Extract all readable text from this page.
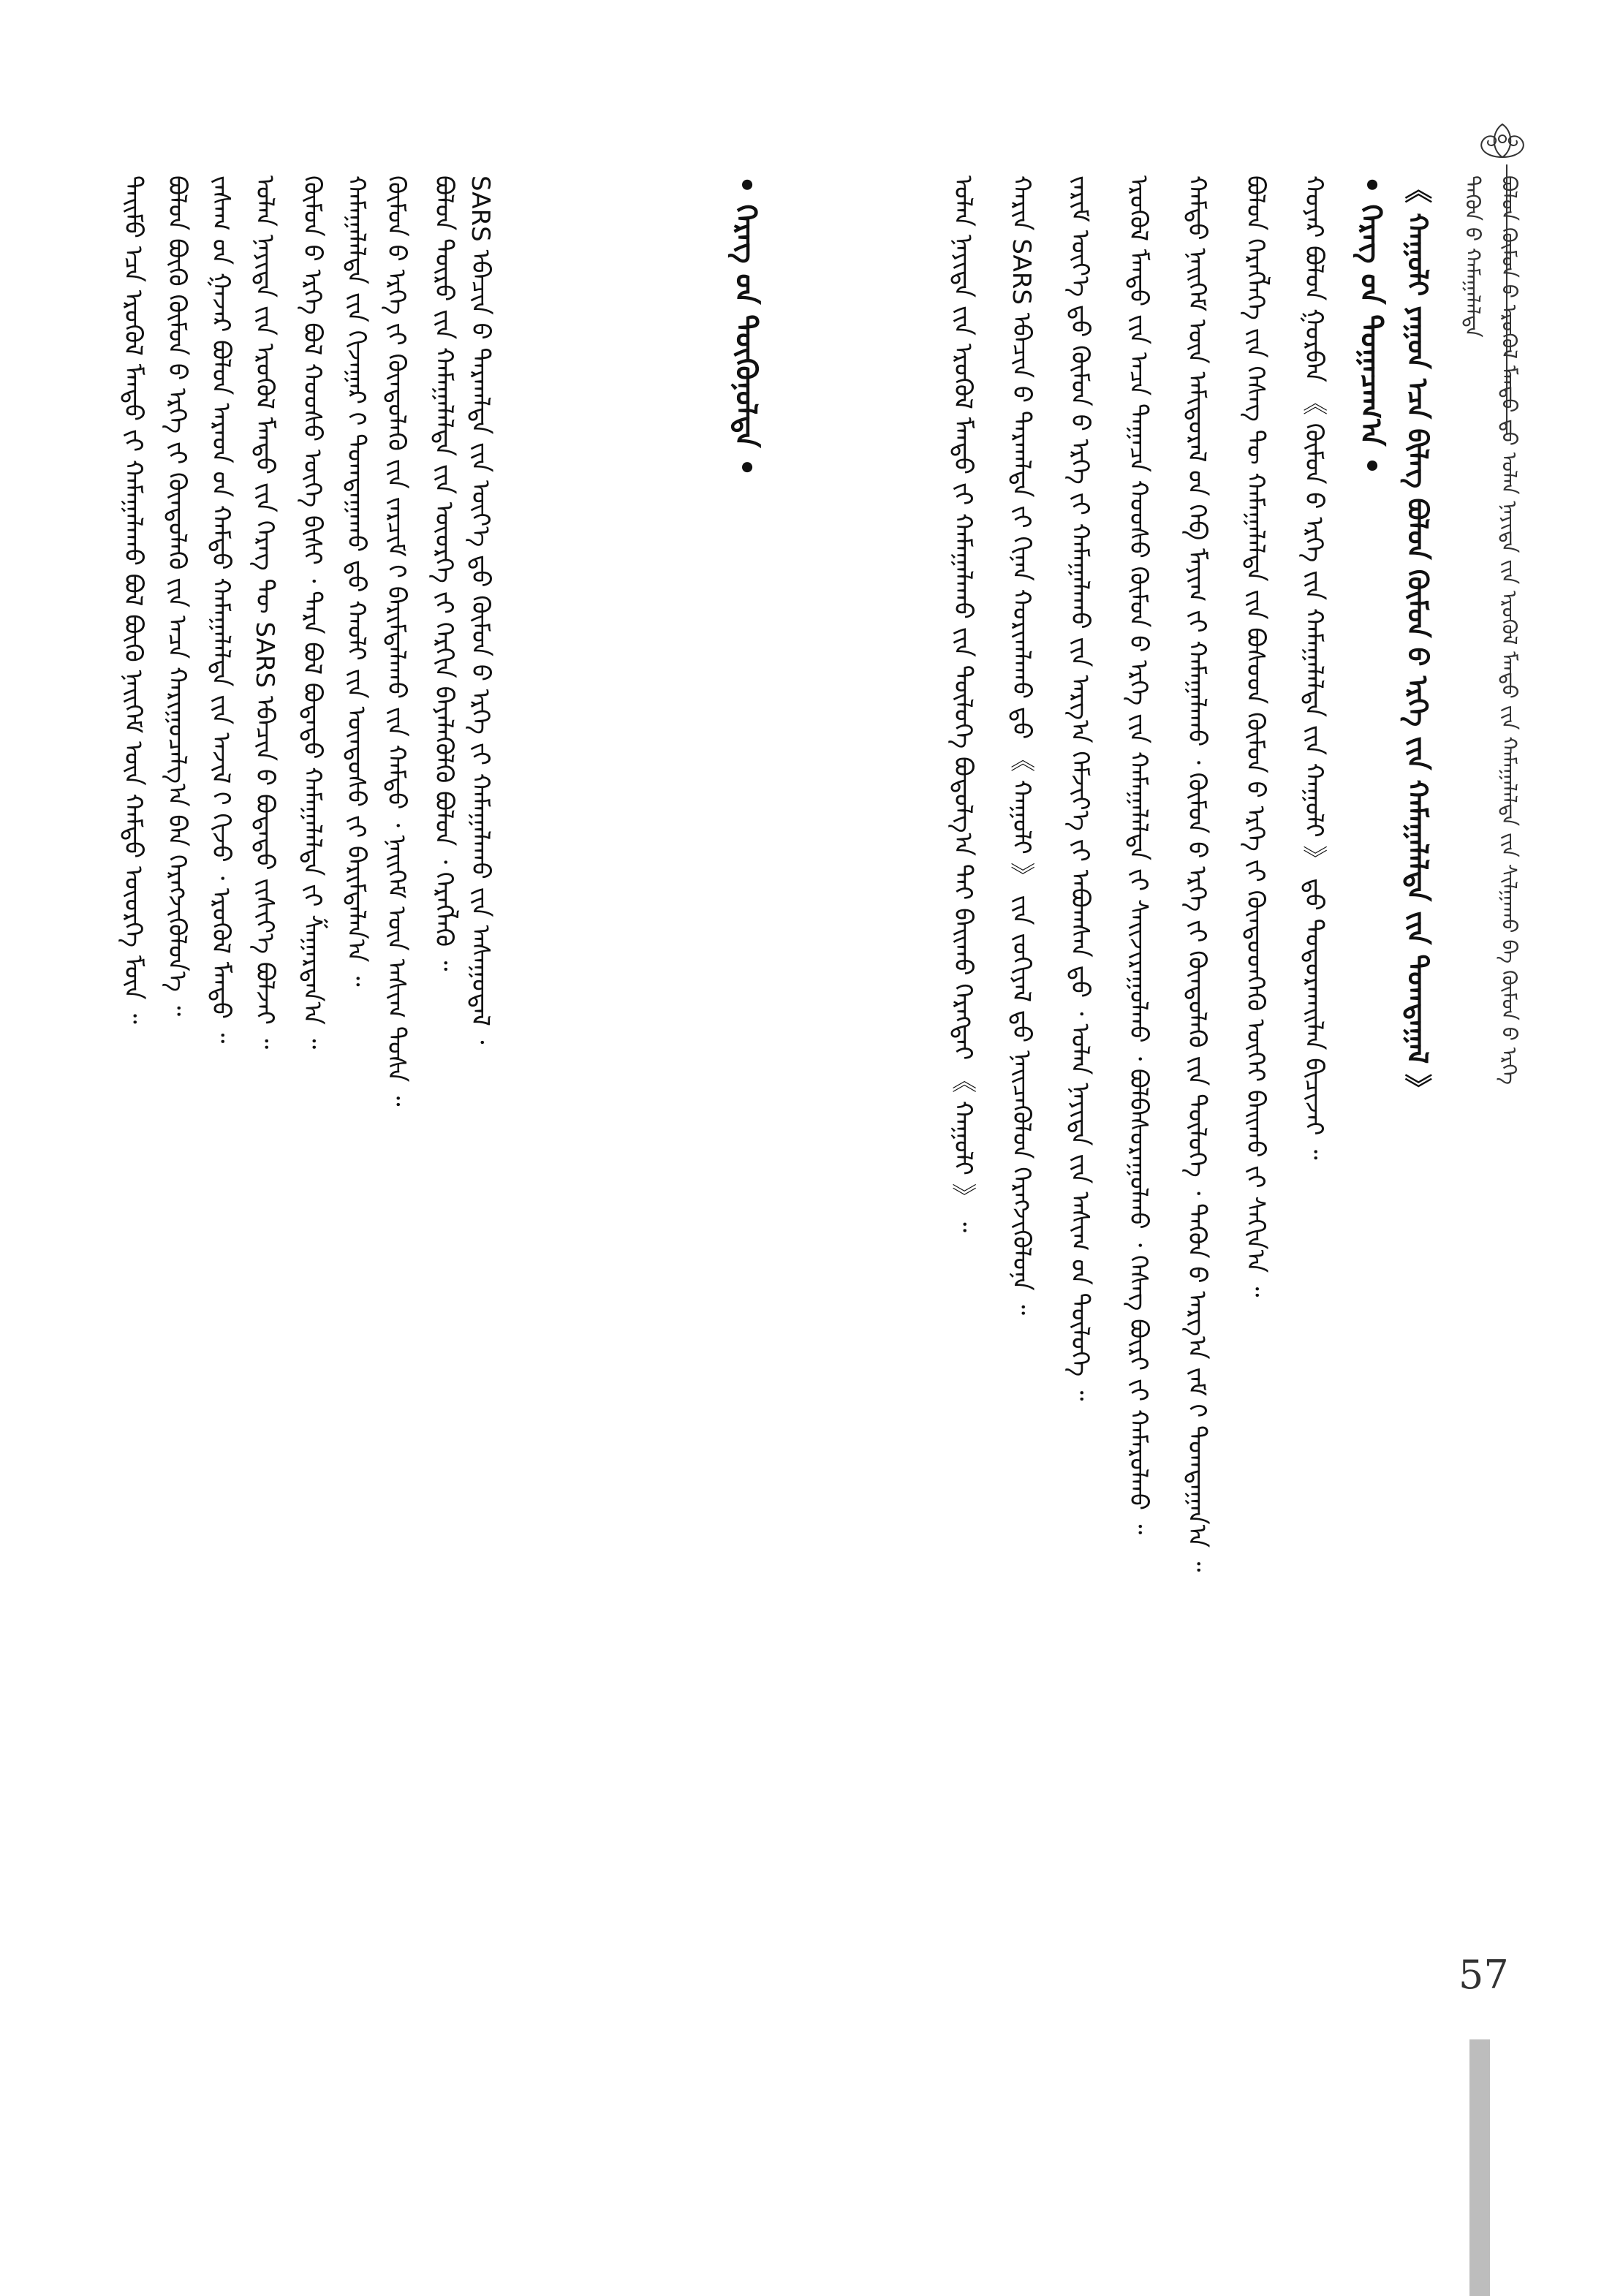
ᠪᠣᠯᠣᠨ ᠬᠦᠮᠦᠨ ᠤ᠋ ᠡᠷᠦᠬᠦᠯ ᠮᠡᠨᠳᠦ ᠳ᠋ᠤ᠌ ᠣᠯᠠᠨ ᠨᠡᠶᠢᠲᠡ ᠶ᠋ᠢᠨ ᠡᠷᠦᠬᠦᠯ ᠮᠡᠨᠳᠦ ᠶ᠋ᠢᠨ ᠬᠠᠮᠠᠭᠠᠯᠠᠯᠲᠠ ᠶ᠋ᠢᠨ ᠰᠢᠯᠭᠠᠬᠤ ᠪᠠ ᠬᠦᠮᠦᠨ ᠤ᠋ ᠡᠷᠬᠡ
ᠲᠡᠭᠦᠨ ᠦ᠌ ᠬᠠᠮᠠᠭᠠᠯᠠᠯᠲᠠ
《 ᠬᠠᠭᠤᠯᠢ ᠶᠠᠭᠤᠨ ᠡᠴᠡ ᠪᠢᠯᠡᠭ ᠪᠣᠯᠣᠨ ᠬᠦᠮᠦᠨ ᠤ᠋ ᠡᠷᠬᠡ ᠶ᠋ᠢᠨ ᠬᠠᠮᠠᠭᠠᠯᠠᠯᠲᠠ ᠶ᠋ᠢᠨ ᠲᠣᠭᠲᠠᠭᠠᠯ 》
• ᠬᠡᠷᠡᠭ ᠤ᠋ᠨ ᠲᠣᠭᠠᠴᠠᠭ᠎ᠠ •
ᠬᠣᠶᠠᠷ ᠪᠣᠯᠣᠨ ᠭᠤᠷᠪᠠᠨ 《 ᠬᠦᠮᠦᠨ ᠤ᠋ ᠡᠷᠬᠡ ᠶ᠋ᠢᠨ ᠬᠠᠮᠠᠭᠠᠯᠠᠯᠲᠠ ᠶ᠋ᠢᠨ ᠬᠠᠭᠤᠯᠢ 》 ᠳ᠋ᠤ᠌ ᠲᠣᠳᠣᠷᠬᠠᠢᠯᠠᠨ ᠪᠢᠴᠢᠵᠡᠢ ᠃
ᠪᠣᠯᠣᠨ ᠬᠡᠷᠡᠭᠯᠡᠭᠡ ᠶ᠋ᠢᠨ ᠬᠡᠰᠡᠭ ᠲᠦ ᠬᠠᠮᠠᠭᠠᠯᠠᠯᠲᠠ ᠶ᠋ᠢᠨ ᠪᠤᠰᠤᠳ ᠬᠦᠮᠦᠨ ᠦ᠌ ᠡᠷᠬᠡ ᠶ᠋ᠢ ᠬᠦᠨᠳᠦᠳᠬᠡᠬᠦ ᠦᠭᠡᠢ ᠪᠠᠢᠬᠤ ᠶ᠋ᠢ ᠰᠠᠬᠢᠨ᠎ᠠ ᠃
ᠬᠠᠮᠲᠤ ᠨᠡᠢᠭᠡᠮ ᠦ᠌ᠨ ᠠᠮᠢᠳᠤᠷᠠᠯ ᠤ᠋ᠨ ᠬᠡᠪ ᠮᠠᠶᠢᠭ ᠶ᠋ᠢ ᠬᠠᠮᠠᠭᠠᠯᠠᠬᠤ ᠂ ᠬᠦᠮᠦᠨ ᠦ᠌ ᠡᠷᠬᠡ ᠶ᠋ᠢ ᠬᠦᠨᠳᠦᠯᠡᠬᠦ ᠶ᠋ᠢᠨ ᠲᠥᠯᠥᠭᠡ ᠂ ᠲᠡᠭᠦᠨ ᠦ᠌ ᠠᠷᠭ᠎ᠠ ᠵᠠᠮ ᠢ᠋ ᠲᠣᠭᠲᠠᠭᠠᠨ᠎ᠠ ᠃
ᠡᠷᠦᠬᠦᠯ ᠮᠡᠨᠳᠦ ᠶ᠋ᠢᠨ ᠠᠴᠠ ᠳᠠᠭᠠᠴᠠ ᠬᠣᠣᠰᠣ ᠬᠦᠮᠦᠨ ᠦ᠌ ᠡᠷᠬᠡ ᠶ᠋ᠢᠨ ᠬᠠᠮᠠᠭᠠᠯᠠᠯᠲᠠ ᠶ᠋ᠢ ᠰᠠᠢᠵᠢᠷᠠᠭᠤᠯᠬᠤ ᠂ ᠪᠣᠯᠪᠠᠰᠤᠷᠠᠭᠤᠯᠬᠤ ᠂ ᠬᠡᠰᠡᠭ ᠪᠦᠷᠢ ᠶ᠋ᠢ ᠬᠠᠮᠠᠷᠤᠯᠬᠤ ᠃
ᠵᠠᠷᠢᠮ ᠦᠶ᠎ᠡ ᠳ᠋ᠦ᠍ ᠬᠦᠮᠦᠨ ᠦ᠌ ᠡᠷᠬᠡ ᠶ᠋ᠢ ᠬᠠᠮᠠᠭᠠᠯᠠᠬᠤ ᠶ᠋ᠢᠨ ᠠᠷᠭ᠎ᠠ ᠬᠡᠮᠵᠢᠶ᠎ᠡ ᠶ᠋ᠢ ᠠᠪᠤᠭᠰᠠᠨ ᠳ᠋ᠤ᠌ ᠂ ᠣᠯᠠᠨ ᠨᠡᠶᠢᠲᠡ ᠶ᠋ᠢᠨ ᠠᠰᠢᠭ ᠤ᠋ᠨ ᠲᠥᠯᠥᠭᠡ ᠃
ᠬᠠᠷᠢᠨ SARS ᠡᠪᠡᠴᠢᠨ ᠦ᠌ ᠲᠠᠷᠬᠠᠯᠲᠠ ᠶ᠋ᠢ ᠬᠢᠨᠠᠨ ᠬᠣᠷᠢᠭᠯᠠᠬᠤ ᠳ᠋ᠤ᠌ 《 ᠬᠠᠭᠤᠯᠢ 》 ᠶ᠋ᠢᠨ ᠵᠣᠬᠢᠶᠠᠯ ᠳ᠋ᠤ᠌ ᠨᠡᠢᠴᠡᠭᠦᠯᠦᠨ ᠬᠡᠷᠡᠭᠵᠢᠭᠦᠯᠦᠨᠡ ᠃
ᠣᠯᠠᠨ ᠨᠡᠶᠢᠲᠡ ᠶ᠋ᠢᠨ ᠡᠷᠦᠬᠦᠯ ᠮᠡᠨᠳᠦ ᠶ᠋ᠢ ᠬᠠᠮᠠᠭᠠᠯᠠᠬᠤ ᠶ᠋ᠢᠨ ᠲᠥᠯᠥᠭᠡ ᠪᠣᠳᠣᠯᠭ᠎ᠠ ᠲᠠᠢ ᠪᠠᠢᠬᠤ ᠬᠡᠷᠡᠭᠲᠡᠢ 《 ᠬᠠᠭᠤᠯᠢ 》 ᠃
• ᠬᠡᠷᠡᠭ ᠤ᠋ᠨ ᠳᠦᠭᠦᠨᠦᠯᠲᠡ •
SARS ᠡᠪᠡᠴᠢᠨ ᠦ᠌ ᠲᠠᠷᠬᠠᠯᠲᠠ ᠶ᠋ᠢᠨ ᠦᠶ᠎ᠡ ᠳ᠋ᠦ᠍ ᠬᠦᠮᠦᠨ ᠦ᠌ ᠡᠷᠬᠡ ᠶ᠋ᠢ ᠬᠠᠮᠠᠭᠠᠯᠠᠬᠤ ᠶ᠋ᠢᠨ ᠠᠰᠠᠭᠤᠳᠠᠯ ᠂
ᠪᠣᠯᠣᠨ ᠲᠥᠷᠦ ᠶ᠋ᠢᠨ ᠬᠠᠮᠠᠭᠠᠯᠠᠯᠲᠠ ᠶ᠋ᠢᠨ ᠦᠦᠷᠭᠡ ᠶ᠋ᠢ ᠬᠡᠷᠬᠢᠨ ᠪᠡᠶᠡᠯᠡᠭᠦᠯᠬᠦ ᠪᠣᠯᠣᠨ ᠂ ᠬᠡᠷᠡᠭᠯᠡᠬᠦ ᠃
ᠬᠦᠮᠦᠨ ᠦ᠌ ᠡᠷᠬᠡ ᠶ᠋ᠢ ᠬᠦᠨᠳᠦᠯᠡᠬᠦ ᠶ᠋ᠢᠨ ᠵᠠᠷᠴᠢᠮ ᠢ᠋ ᠪᠠᠷᠢᠮᠲᠠᠯᠠᠬᠤ ᠶ᠋ᠢᠨ ᠬᠠᠮᠲᠤ ᠂ ᠨᠡᠢᠭᠡᠮ ᠦ᠌ᠨ ᠠᠰᠢᠭ ᠲᠤᠰᠠ ᠃
ᠬᠠᠮᠠᠭᠠᠯᠠᠯᠲᠠ ᠶ᠋ᠢᠨ ᠬᠢᠵᠠᠭᠠᠷ ᠢ᠋ ᠲᠣᠭᠲᠠᠭᠠᠬᠤ ᠳ᠋ᠤ᠌ ᠬᠠᠤᠯᠢ ᠶ᠋ᠢᠨ ᠦᠨᠳᠦᠰᠦ ᠶ᠋ᠢ ᠪᠠᠷᠢᠮᠲᠠᠯᠠᠨ᠎ᠠ ᠃
ᠬᠦᠮᠦᠨ ᠦ᠌ ᠡᠷᠬᠡ ᠪᠣᠯ ᠬᠣᠣᠰᠣ ᠦᠭᠡ ᠪᠢᠰᠢ ᠂ ᠲᠡᠷᠡ ᠪᠣᠯ ᠪᠣᠳᠠᠲᠤ ᠬᠠᠮᠠᠭᠠᠯᠠᠯᠲᠠ ᠶ᠋ᠢ ᠱᠠᠭᠠᠷᠳᠠᠨ᠎ᠠ ᠃
ᠣᠯᠠᠨ ᠨᠡᠶᠢᠲᠡ ᠶ᠋ᠢᠨ ᠡᠷᠦᠬᠦᠯ ᠮᠡᠨᠳᠦ ᠶ᠋ᠢᠨ ᠬᠡᠷᠡᠭ ᠲᠦ SARS ᠡᠪᠡᠴᠢᠨ ᠦ᠌ ᠪᠣᠳᠠᠲᠤ ᠵᠢᠱᠢᠶ᠎ᠡ ᠪᠣᠯᠵᠠᠢ ᠃
ᠵᠠᠰᠠᠭ ᠤ᠋ᠨ ᠭᠠᠵᠠᠷ ᠪᠣᠯᠣᠨ ᠠᠷᠠᠳ ᠤ᠋ᠨ ᠬᠠᠮᠲᠤ ᠬᠠᠮᠠᠭᠠᠯᠠᠯᠲᠠ ᠶ᠋ᠢᠨ ᠠᠵᠢᠯ ᠢ᠋ ᠬᠢᠵᠦ ᠂ ᠡᠷᠦᠬᠦᠯ ᠮᠡᠨᠳᠦ ᠃
ᠪᠣᠯᠣᠨ ᠪᠦᠬᠦ ᠬᠦᠮᠦᠨ ᠦ᠌ ᠡᠷᠬᠡ ᠶ᠋ᠢ ᠬᠦᠨᠳᠦᠯᠡᠬᠦ ᠶ᠋ᠢᠨ ᠠᠴᠠ ᠬᠠᠷᠢᠭᠤᠴᠠᠯᠭ᠎ᠠ ᠪᠡᠨ ᠬᠡᠷᠡᠭᠵᠢᠭᠦᠯᠦᠨ᠎ᠡ ᠃
ᠲᠡᠢᠮᠦ ᠡᠴᠡ ᠡᠷᠦᠬᠦᠯ ᠮᠡᠨᠳᠦ ᠶ᠋ᠢ ᠬᠠᠮᠠᠭᠠᠯᠠᠬᠤ ᠪᠣᠯ ᠪᠦᠬᠦ ᠨᠡᠢᠭᠡᠮ ᠦ᠌ᠨ ᠬᠠᠮᠲᠤ ᠦᠦᠷᠭᠡ ᠮᠥᠨ ᠃
57
